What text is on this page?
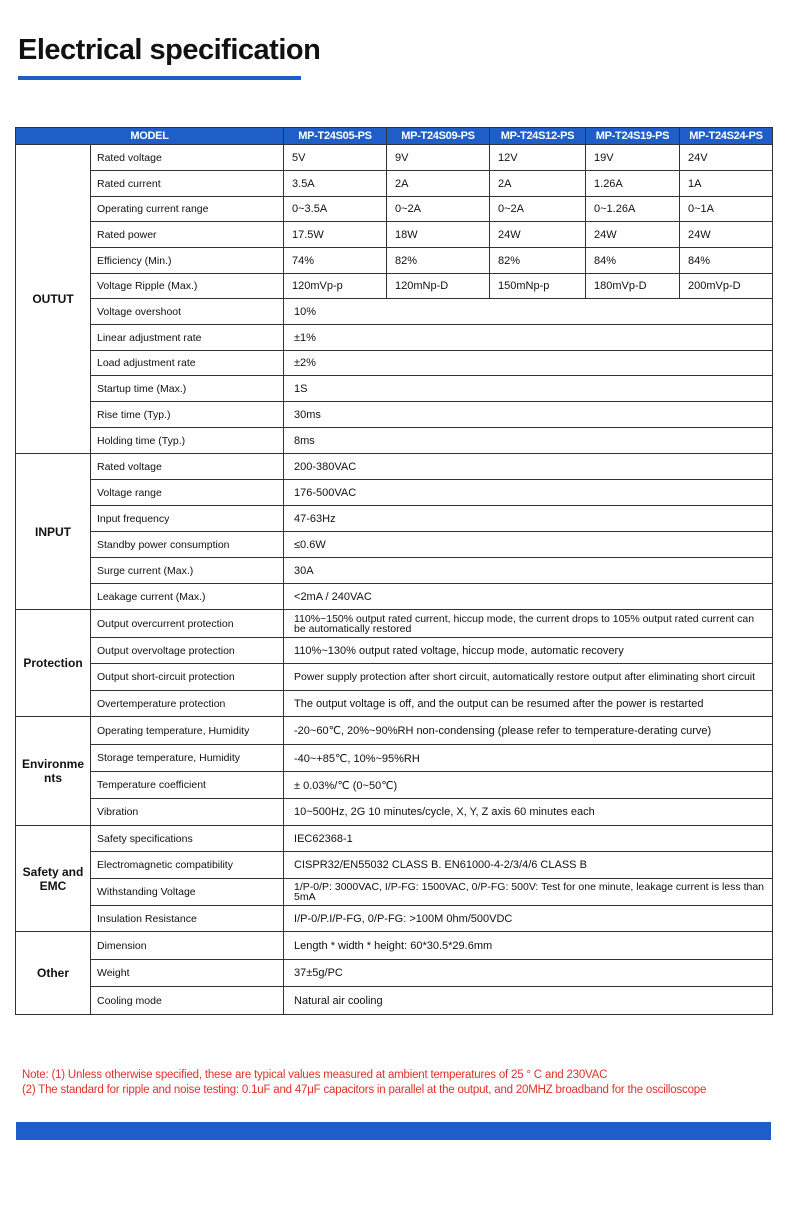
Electrical specification
MODEL		MP-T24S05-PS	MP-T24S09-PS	MP-T24S12-PS	MP-T24S19-PS	MP-T24S24-PS
OUTUT	Rated voltage	5V	9V	12V	19V	24V
	Rated current	3.5A	2A	2A	1.26A	1A
	Operating current range	0~3.5A	0~2A	0~2A	0~1.26A	0~1A
	Rated power	17.5W	18W	24W	24W	24W
	Efficiency (Min.)	74%	82%	82%	84%	84%
	Voltage Ripple (Max.)	120mVp-p	120mNp-D	150mNp-p	180mVp-D	200mVp-D
	Voltage overshoot	10%				
	Linear adjustment rate	±1%				
	Load adjustment rate	±2%				
	Startup time (Max.)	1S				
	Rise time (Typ.)	30ms				
	Holding time (Typ.)	8ms				
INPUT	Rated voltage	200-380VAC				
	Voltage range	176-500VAC				
	Input frequency	47-63Hz				
	Standby power consumption	≤0.6W				
	Surge current (Max.)	30A				
	Leakage current (Max.)	<2mA / 240VAC				
Protection	Output overcurrent protection	110%~150% output rated current, hiccup mode, the current drops to 105% output rated current can be automatically restored				
	Output overvoltage protection	110%~130% output rated voltage, hiccup mode, automatic recovery				
	Output short-circuit protection	Power supply protection after short circuit, automatically restore output after eliminating short circuit				
	Overtemperature protection	The output voltage is off, and the output can be resumed after the power is restarted				
Environme nts	Operating temperature, Humidity	-20~60℃, 20%~90%RH non-condensing (please refer to temperature-derating curve)				
	Storage temperature, Humidity	-40~+85℃, 10%~95%RH				
	Temperature coefficient	± 0.03%/℃ (0~50℃)				
	Vibration	10~500Hz, 2G 10 minutes/cycle, X, Y, Z axis 60 minutes each				
Safety and EMC	Safety specifications	IEC62368-1				
	Electromagnetic compatibility	CISPR32/EN55032 CLASS B. EN61000-4-2/3/4/6 CLASS B				
	Withstanding Voltage	1/P-0/P: 3000VAC, I/P-FG: 1500VAC, 0/P-FG: 500V: Test for one minute, leakage current is less than 5mA				
	Insulation Resistance	I/P-0/P.I/P-FG, 0/P-FG: >100M 0hm/500VDC				
Other	Dimension	Length * width * height: 60*30.5*29.6mm				
	Weight	37±5g/PC				
	Cooling mode	Natural air cooling				
Note: (1) Unless otherwise specified, these are typical values measured at ambient temperatures of 25 ° C and 230VAC
(2) The standard for ripple and noise testing: 0.1uF and 47μF capacitors in parallel at the output, and 20MHZ broadband for the oscilloscope
